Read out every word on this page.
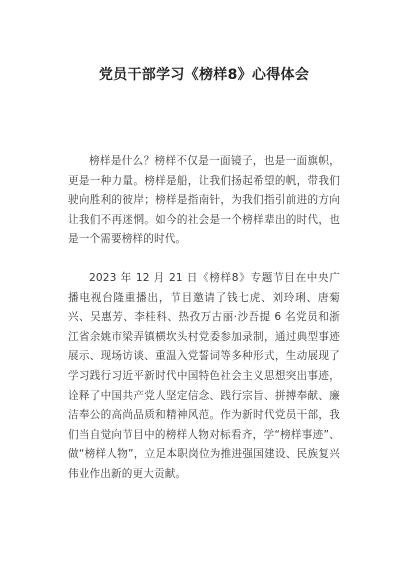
党员干部学习《榜样8》心得体会

榜样是什么？榜样不仅是一面镜子，也是一面旗帜，更是一种力量。榜样是船，让我们扬起希望的帆，带我们驶向胜利的彼岸；榜样是指南针，为我们指引前进的方向让我们不再迷惘。如今的社会是一个榜样辈出的时代，也是一个需要榜样的时代。

2023 年 12 月 21 日《榜样8》专题节目在中央广播电视台隆重播出，节目邀请了钱七虎、刘玲琍、唐菊兴、吴惠芳、李桂科、热孜万古丽·沙吾提 6 名党员和浙江省余姚市梁弄镇横坎头村党委参加录制，通过典型事迹展示、现场访谈、重温入党誓词等多种形式，生动展现了学习践行习近平新时代中国特色社会主义思想突出事迹，诠释了中国共产党人坚定信念、践行宗旨、拼搏奉献、廉洁奉公的高尚品质和精神风范。作为新时代党员干部，我们当自觉向节目中的榜样人物对标看齐，学“榜样事迹”、做“榜样人物”，立足本职岗位为推进强国建设、民族复兴伟业作出新的更大贡献。
